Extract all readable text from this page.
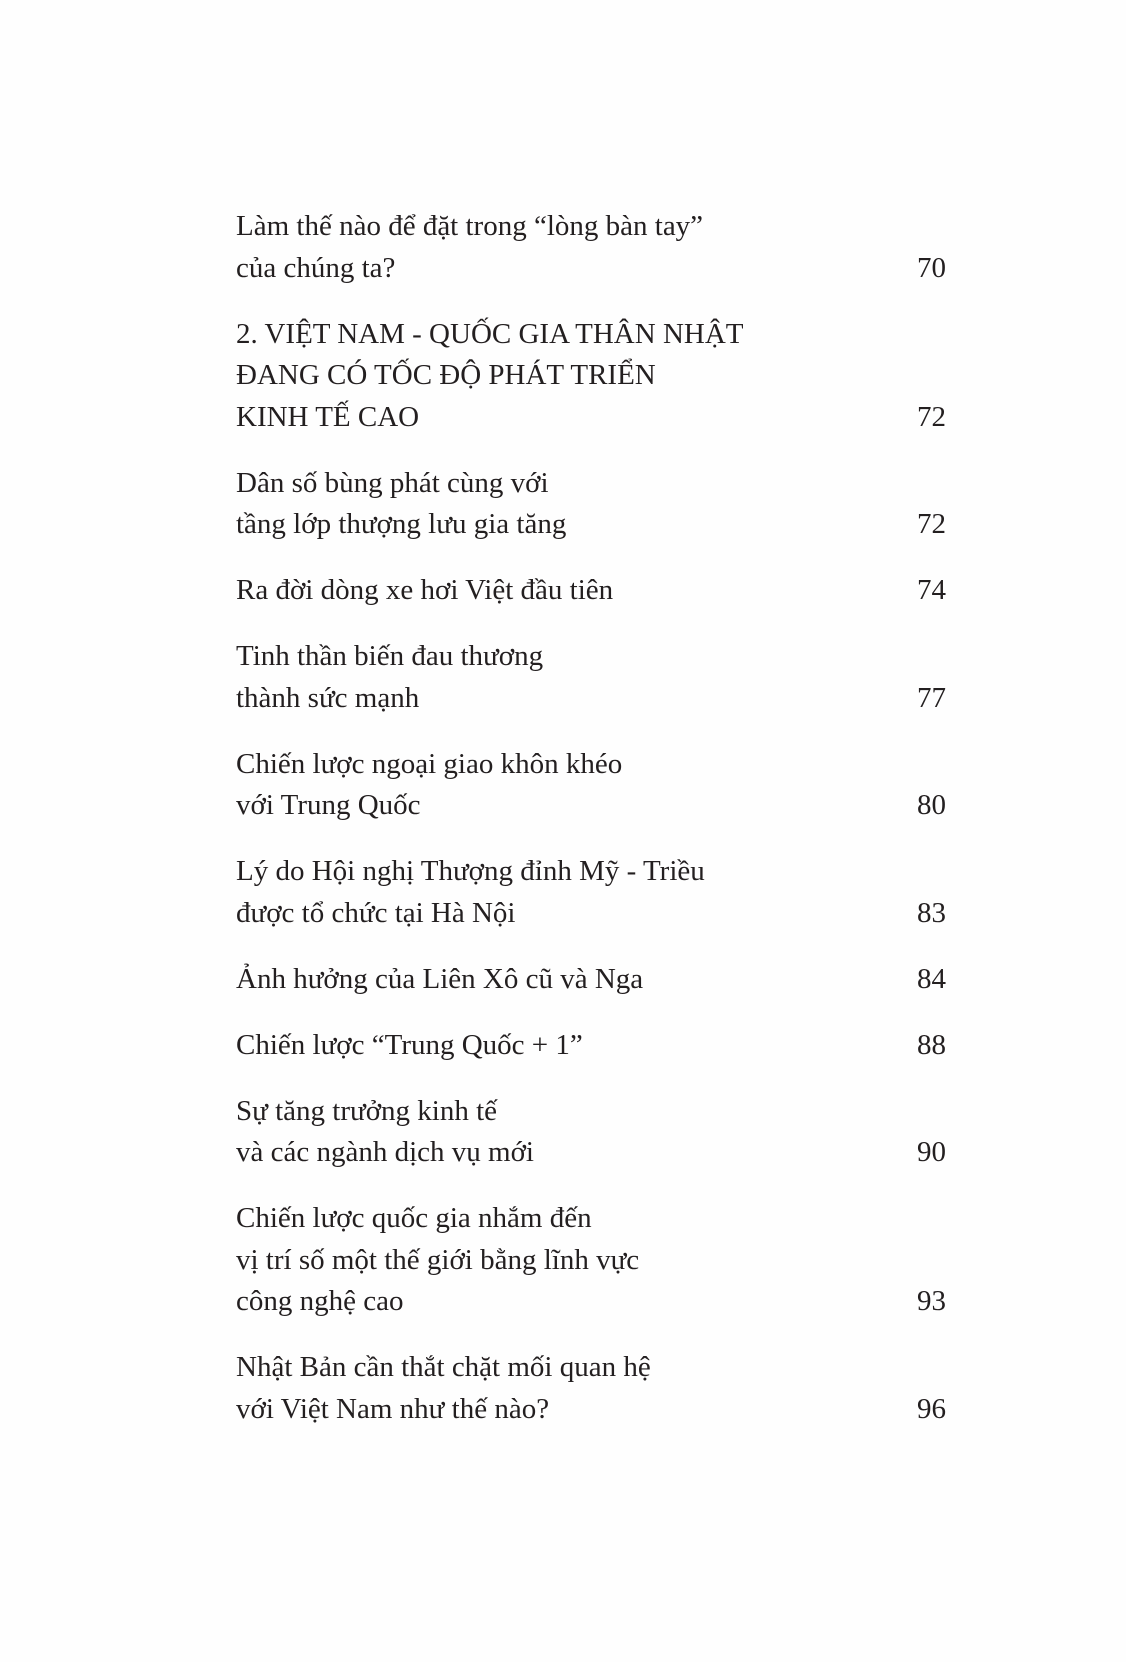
Làm thế nào để đặt trong “lòng bàn tay”
của chúng ta?	70
2. VIỆT NAM - QUỐC GIA THÂN NHẬT
ĐANG CÓ TỐC ĐỘ PHÁT TRIỂN
KINH TẾ CAO	72
Dân số bùng phát cùng với
tầng lớp thượng lưu gia tăng	72
Ra đời dòng xe hơi Việt đầu tiên	74
Tinh thần biến đau thương
thành sức mạnh	77
Chiến lược ngoại giao khôn khéo
với Trung Quốc	80
Lý do Hội nghị Thượng đỉnh Mỹ - Triều
được tổ chức tại Hà Nội	83
Ảnh hưởng của Liên Xô cũ và Nga	84
Chiến lược “Trung Quốc + 1”	88
Sự tăng trưởng kinh tế
và các ngành dịch vụ mới	90
Chiến lược quốc gia nhắm đến
vị trí số một thế giới bằng lĩnh vực
công nghệ cao	93
Nhật Bản cần thắt chặt mối quan hệ
với Việt Nam như thế nào?	96
